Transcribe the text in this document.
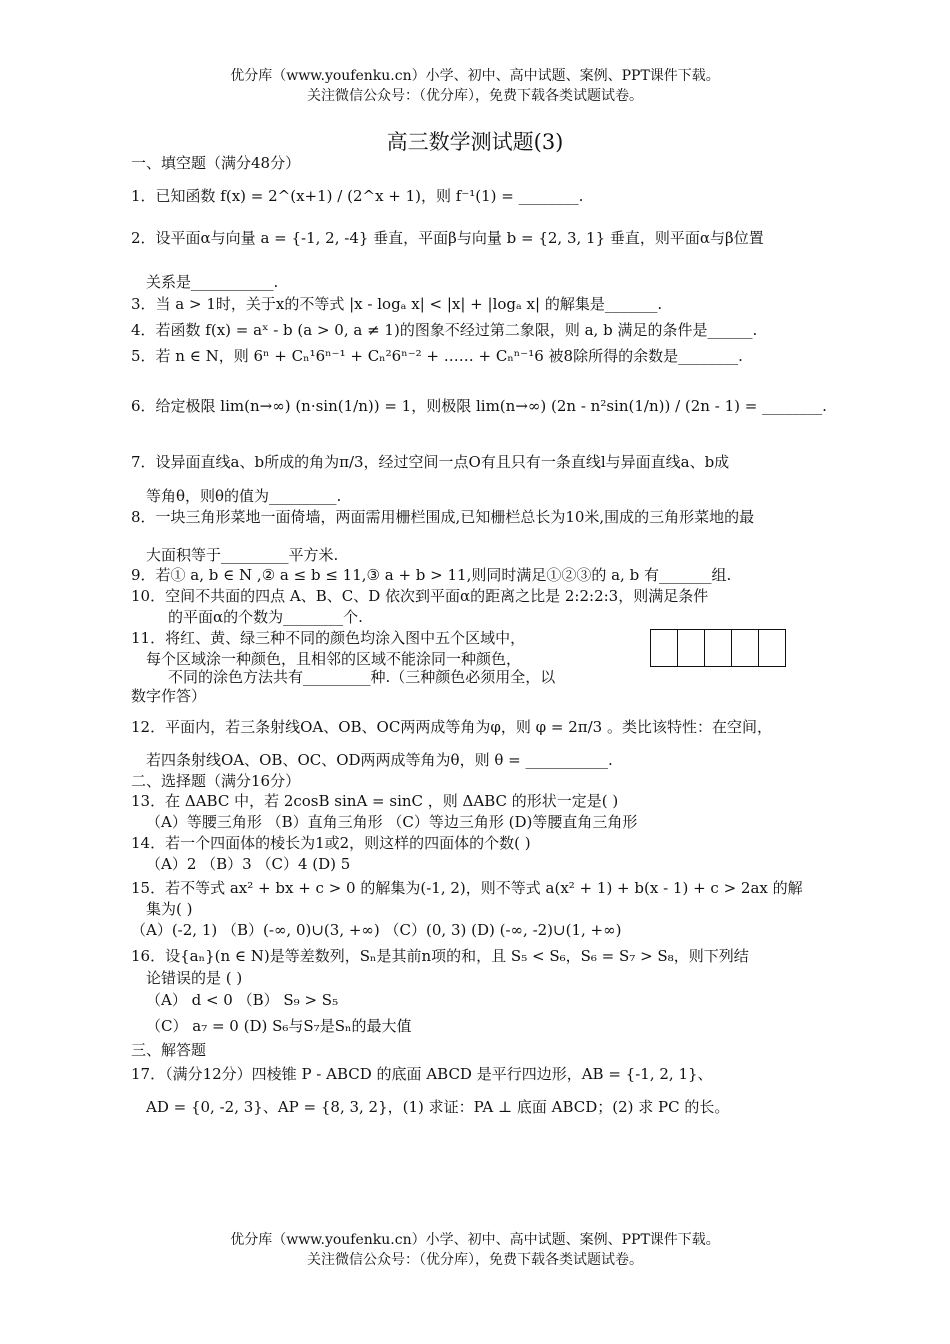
优分库（www.youfenku.cn）小学、初中、高中试题、案例、PPT课件下载。
关注微信公众号：（优分库），免费下载各类试题试卷。
高三数学测试题(3)
一、填空题（满分48分）
1．已知函数 f(x) = 2^(x+1) / (2^x + 1)，则 f⁻¹(1) = ________.
2．设平面α与向量 a = {-1, 2, -4} 垂直，平面β与向量 b = {2, 3, 1} 垂直，则平面α与β位置
关系是___________.
3．当 a > 1时，关于x的不等式 |x - logₐ x| < |x| + |logₐ x| 的解集是_______.
4．若函数 f(x) = aˣ - b (a > 0, a ≠ 1)的图象不经过第二象限，则 a, b 满足的条件是______.
5．若 n ∈ N，则 6ⁿ + Cₙ¹6ⁿ⁻¹ + Cₙ²6ⁿ⁻² + …… + Cₙⁿ⁻¹6 被8除所得的余数是________.
6．给定极限 lim(n→∞) (n·sin(1/n)) = 1，则极限 lim(n→∞) (2n - n²sin(1/n)) / (2n - 1) = ________.
7．设异面直线a、b所成的角为π/3，经过空间一点O有且只有一条直线l与异面直线a、b成
等角θ，则θ的值为_________.
8．一块三角形菜地一面倚墙，两面需用栅栏围成,已知栅栏总长为10米,围成的三角形菜地的最
大面积等于_________平方米.
9．若① a, b ∈ N ,② a ≤ b ≤ 11,③ a + b > 11,则同时满足①②③的 a, b 有_______组.
10．空间不共面的四点 A、B、C、D 依次到平面α的距离之比是 2:2:2:3，则满足条件
的平面α的个数为________个.
11．将红、黄、绿三种不同的颜色均涂入图中五个区域中，
每个区域涂一种颜色，且相邻的区域不能涂同一种颜色，
不同的涂色方法共有_________种.（三种颜色必须用全，以
数字作答）
12．平面内，若三条射线OA、OB、OC两两成等角为φ，则 φ = 2π/3 。类比该特性：在空间，
若四条射线OA、OB、OC、OD两两成等角为θ，则 θ = ___________.
二、选择题（满分16分）
13．在 ΔABC 中，若 2cosB sinA = sinC ，则 ΔABC 的形状一定是( )
（A）等腰三角形 （B）直角三角形 （C）等边三角形 (D)等腰直角三角形
14．若一个四面体的棱长为1或2，则这样的四面体的个数( )
（A）2 （B）3 （C）4 (D) 5
15．若不等式 ax² + bx + c > 0 的解集为(-1, 2)，则不等式 a(x² + 1) + b(x - 1) + c > 2ax 的解
集为( )
（A）(-2, 1) （B）(-∞, 0)∪(3, +∞) （C）(0, 3) (D) (-∞, -2)∪(1, +∞)
16．设{aₙ}(n ∈ N)是等差数列，Sₙ是其前n项的和，且 S₅ < S₆，S₆ = S₇ > S₈，则下列结
论错误的是 ( )
（A） d < 0 （B） S₉ > S₅
（C） a₇ = 0 (D) S₆与S₇是Sₙ的最大值
三、解答题
17．（满分12分）四棱锥 P - ABCD 的底面 ABCD 是平行四边形，AB = {-1, 2, 1}、
AD = {0, -2, 3}、AP = {8, 3, 2}，(1) 求证：PA ⊥ 底面 ABCD；(2) 求 PC 的长。
优分库（www.youfenku.cn）小学、初中、高中试题、案例、PPT课件下载。
关注微信公众号：（优分库），免费下载各类试题试卷。
